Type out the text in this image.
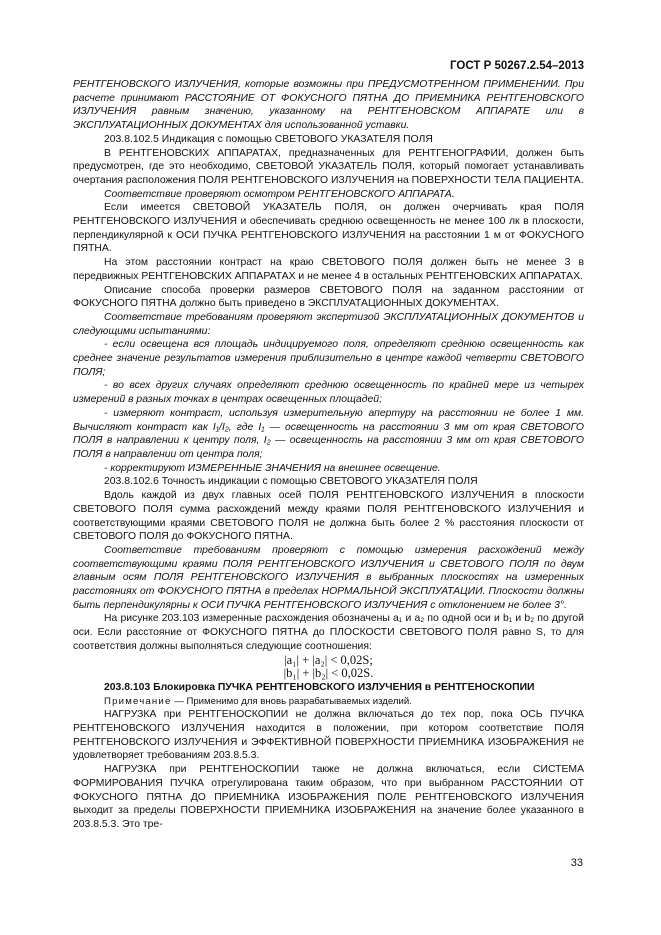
ГОСТ Р 50267.2.54–2013

РЕНТГЕНОВСКОГО ИЗЛУЧЕНИЯ, которые возможны при ПРЕДУСМОТРЕННОМ ПРИМЕНЕНИИ. При расчете принимают РАССТОЯНИЕ ОТ ФОКУСНОГО ПЯТНА ДО ПРИЕМНИКА РЕНТГЕНОВСКОГО ИЗЛУЧЕНИЯ равным значению, указанному на РЕНТГЕНОВСКОМ АППАРАТЕ или в ЭКСПЛУАТАЦИОННЫХ ДОКУМЕНТАХ для использованной уставки.

203.8.102.5 Индикация с помощью СВЕТОВОГО УКАЗАТЕЛЯ ПОЛЯ

В РЕНТГЕНОВСКИХ АППАРАТАХ, предназначенных для РЕНТГЕНОГРАФИИ, должен быть предусмотрен, где это необходимо, СВЕТОВОЙ УКАЗАТЕЛЬ ПОЛЯ, который помогает устанавливать очертания расположения ПОЛЯ РЕНТГЕНОВСКОГО ИЗЛУЧЕНИЯ на ПОВЕРХНОСТИ ТЕЛА ПАЦИЕНТА.

Соответствие проверяют осмотром РЕНТГЕНОВСКОГО АППАРАТА.

Если имеется СВЕТОВОЙ УКАЗАТЕЛЬ ПОЛЯ, он должен очерчивать края ПОЛЯ РЕНТГЕНОВСКОГО ИЗЛУЧЕНИЯ и обеспечивать среднюю освещенность не менее 100 лк в плоскости, перпендикулярной к ОСИ ПУЧКА РЕНТГЕНОВСКОГО ИЗЛУЧЕНИЯ на расстоянии 1 м от ФОКУСНОГО ПЯТНА.

На этом расстоянии контраст на краю СВЕТОВОГО ПОЛЯ должен быть не менее 3 в передвижных РЕНТГЕНОВСКИХ АППАРАТАХ и не менее 4 в остальных РЕНТГЕНОВСКИХ АППАРАТАХ.

Описание способа проверки размеров СВЕТОВОГО ПОЛЯ на заданном расстоянии от ФОКУСНОГО ПЯТНА должно быть приведено в ЭКСПЛУАТАЦИОННЫХ ДОКУМЕНТАХ.

Соответствие требованиям проверяют экспертизой ЭКСПЛУАТАЦИОННЫХ ДОКУМЕНТОВ и следующими испытаниями:

- если освещена вся площадь индицируемого поля, определяют среднюю освещенность как среднее значение результатов измерения приблизительно в центре каждой четверти СВЕТОВОГО ПОЛЯ;

- во всех других случаях определяют среднюю освещенность по крайней мере из четырех измерений в разных точках в центрах освещенных площадей;

- измеряют контраст, используя измерительную апертуру на расстоянии не более 1 мм. Вычисляют контраст как I₁/I₂, где I₁ — освещенность на расстоянии 3 мм от края СВЕТОВОГО ПОЛЯ в направлении к центру поля, I₂ — освещенность на расстоянии 3 мм от края СВЕТОВОГО ПОЛЯ в направлении от центра поля;

- корректируют ИЗМЕРЕННЫЕ ЗНАЧЕНИЯ на внешнее освещение.

203.8.102.6 Точность индикации с помощью СВЕТОВОГО УКАЗАТЕЛЯ ПОЛЯ

Вдоль каждой из двух главных осей ПОЛЯ РЕНТГЕНОВСКОГО ИЗЛУЧЕНИЯ в плоскости СВЕТОВОГО ПОЛЯ сумма расхождений между краями ПОЛЯ РЕНТГЕНОВСКОГО ИЗЛУЧЕНИЯ и соответствующими краями СВЕТОВОГО ПОЛЯ не должна быть более 2 % расстояния плоскости от СВЕТОВОГО ПОЛЯ до ФОКУСНОГО ПЯТНА.

Соответствие требованиям проверяют с помощью измерения расхождений между соответствующими краями ПОЛЯ РЕНТГЕНОВСКОГО ИЗЛУЧЕНИЯ и СВЕТОВОГО ПОЛЯ по двум главным осям ПОЛЯ РЕНТГЕНОВСКОГО ИЗЛУЧЕНИЯ в выбранных плоскостях на измеренных расстояниях от ФОКУСНОГО ПЯТНА в пределах НОРМАЛЬНОЙ ЭКСПЛУАТАЦИИ. Плоскости должны быть перпендикулярны к ОСИ ПУЧКА РЕНТГЕНОВСКОГО ИЗЛУЧЕНИЯ с отклонением не более 3°.

На рисунке 203.103 измеренные расхождения обозначены a₁ и a₂ по одной оси и b₁ и b₂ по другой оси. Если расстояние от ФОКУСНОГО ПЯТНА до ПЛОСКОСТИ СВЕТОВОГО ПОЛЯ равно S, то для соответствия должны выполняться следующие соотношения:

|a₁| + |a₂| < 0,02S;

|b₁| + |b₂| < 0,02S.

203.8.103 Блокировка ПУЧКА РЕНТГЕНОВСКОГО ИЗЛУЧЕНИЯ в РЕНТГЕНОСКОПИИ

Примечание — Применимо для вновь разрабатываемых изделий.

НАГРУЗКА при РЕНТГЕНОСКОПИИ не должна включаться до тех пор, пока ОСЬ ПУЧКА РЕНТГЕНОВСКОГО ИЗЛУЧЕНИЯ находится в положении, при котором соответствие ПОЛЯ РЕНТГЕНОВСКОГО ИЗЛУЧЕНИЯ и ЭФФЕКТИВНОЙ ПОВЕРХНОСТИ ПРИЕМНИКА ИЗОБРАЖЕНИЯ не удовлетворяет требованиям 203.8.5.3.

НАГРУЗКА при РЕНТГЕНОСКОПИИ также не должна включаться, если СИСТЕМА ФОРМИРОВАНИЯ ПУЧКА отрегулирована таким образом, что при выбранном РАССТОЯНИИ ОТ ФОКУСНОГО ПЯТНА ДО ПРИЕМНИКА ИЗОБРАЖЕНИЯ ПОЛЕ РЕНТГЕНОВСКОГО ИЗЛУЧЕНИЯ выходит за пределы ПОВЕРХНОСТИ ПРИЕМНИКА ИЗОБРАЖЕНИЯ на значение более указанного в 203.8.5.3. Это тре-

33
